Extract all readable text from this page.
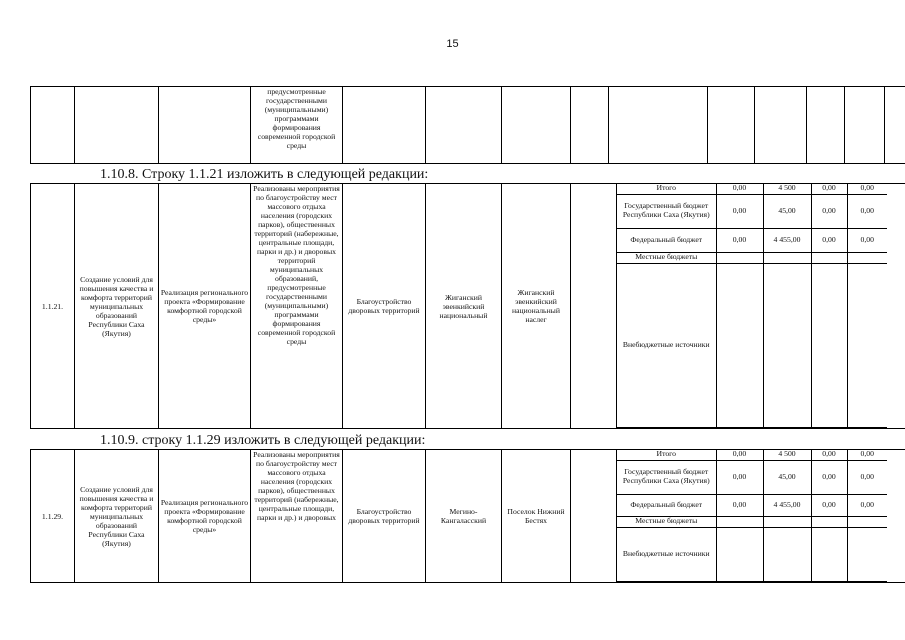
15
			предусмотренные государственными (муниципальными) программами формирования современной городской среды										
1.10.8. Строку 1.1.21 изложить в следующей редакции:
1.1.21.	Создание условий для повышения качества и комфорта территорий муниципальных образований Республики Саха (Якутия)	Реализация регионального проекта «Формирование комфортной городской среды»	Реализованы мероприятия по благоустройству мест массового отдыха населения (городских парков), общественных территорий (набережные, центральные площади, парки и др.) и дворовых территорий муниципальных образований, предусмотренные государственными (муниципальными) программами формирования современной городской среды	Благоустройство дворовых территорий	Жиганский эвенкийский национальный	Жиганский эвенкийский национальный наслег		
Итого	0,00	4 500	0,00	0,00
Государственный бюджет Республики Саха (Якутия)	0,00	45,00	0,00	0,00
Федеральный бюджет	0,00	4 455,00	0,00	0,00
Местные бюджеты				
Внебюджетные источники				
1.10.9. строку 1.1.29 изложить в следующей редакции:
1.1.29.	Создание условий для повышения качества и комфорта территорий муниципальных образований Республики Саха (Якутия)	Реализация регионального проекта «Формирование комфортной городской среды»	Реализованы мероприятия по благоустройству мест массового отдыха населения (городских парков), общественных территорий (набережные, центральные площади, парки и др.) и дворовых	Благоустройство дворовых территорий	Мегино-Кангаласский	Поселок Нижний Бестях		
Итого	0,00	4 500	0,00	0,00
Государственный бюджет Республики Саха (Якутия)	0,00	45,00	0,00	0,00
Федеральный бюджет	0,00	4 455,00	0,00	0,00
Местные бюджеты				
Внебюджетные источники				
